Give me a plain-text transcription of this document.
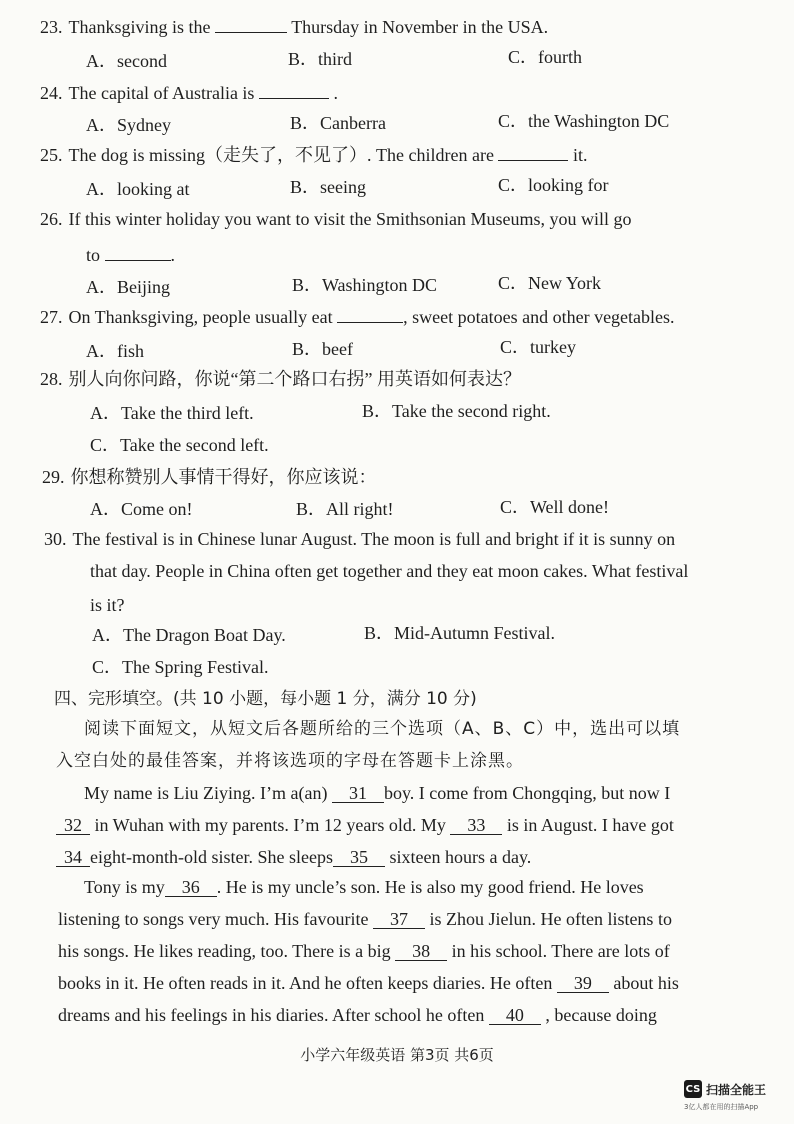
23. Thanksgiving is the	Thursday in November in the USA.
A．second	B．third	C．fourth
24. The capital of Australia is	.
A．Sydney	B．Canberra	C．the Washington DC
25. The dog is missing（走失了，不见了）. The children are	it.
A．looking at	B．seeing	C．looking for
26. If this winter holiday you want to visit the Smithsonian Museums, you will go
to	.
A．Beijing	B．Washington DC	C．New York
27. On Thanksgiving, people usually eat	, sweet potatoes and other vegetables.
A．fish	B．beef	C．turkey
28. 别人向你问路，你说“第二个路口右拐” 用英语如何表达？
A．Take the third left.	B．Take the second right.
C．Take the second left.
29. 你想称赞别人事情干得好，你应该说：
A．Come on!	B．All right!	C．Well done!
30. The festival is in Chinese lunar August. The moon is full and bright if it is sunny on
that day. People in China often get together and they eat moon cakes. What festival
is it?
A．The Dragon Boat Day.	B．Mid-Autumn Festival.
C．The Spring Festival.
四、完形填空。(共 10 小题，每小题 1 分，满分 10 分)
阅读下面短文，从短文后各题所给的三个选项（A、B、C）中，选出可以填
入空白处的最佳答案，并将该选项的字母在答题卡上涂黑。
My name is Liu Ziying. I’m a(an) 31 boy. I come from Chongqing, but now I
32 in Wuhan with my parents. I’m 12 years old. My 33 is in August. I have got
34 eight-month-old sister. She sleeps 35 sixteen hours a day.
Tony is my 36 . He is my uncle’s son. He is also my good friend. He loves
listening to songs very much. His favourite 37 is Zhou Jielun. He often listens to
his songs. He likes reading, too. There is a big 38 in his school. There are lots of
books in it. He often reads in it. And he often keeps diaries. He often 39 about his
dreams and his feelings in his diaries. After school he often 40 , because doing
小学六年级英语 第3页 共6页
CS 扫描全能王
3亿人都在用的扫描App
